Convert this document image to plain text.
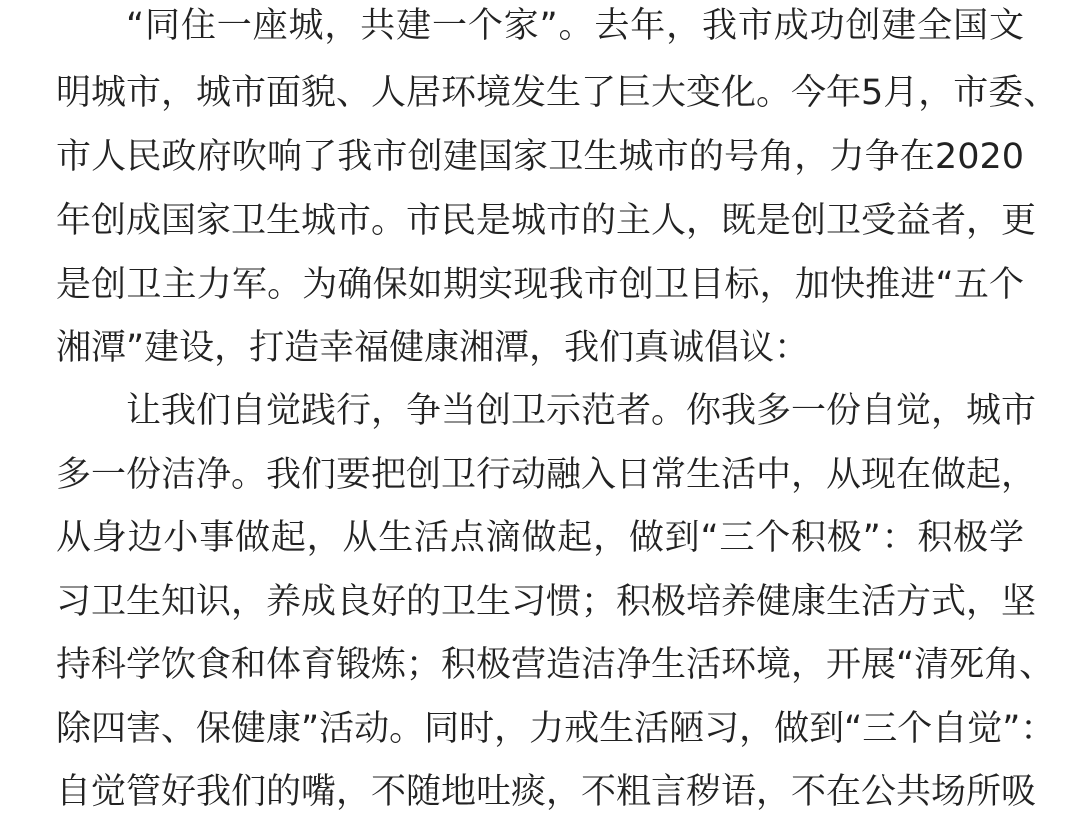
“同住一座城，共建一个家”。去年，我市成功创建全国文
明城市，城市面貌、人居环境发生了巨大变化。今年5月，市委、
市人民政府吹响了我市创建国家卫生城市的号角，力争在2020
年创成国家卫生城市。市民是城市的主人，既是创卫受益者，更
是创卫主力军。为确保如期实现我市创卫目标，加快推进“五个
湘潭”建设，打造幸福健康湘潭，我们真诚倡议：
让我们自觉践行，争当创卫示范者。你我多一份自觉，城市
多一份洁净。我们要把创卫行动融入日常生活中，从现在做起，
从身边小事做起，从生活点滴做起，做到“三个积极”：积极学
习卫生知识，养成良好的卫生习惯；积极培养健康生活方式，坚
持科学饮食和体育锻炼；积极营造洁净生活环境，开展“清死角、
除四害、保健康”活动。同时，力戒生活陋习，做到“三个自觉”：
自觉管好我们的嘴，不随地吐痰，不粗言秽语，不在公共场所吸
